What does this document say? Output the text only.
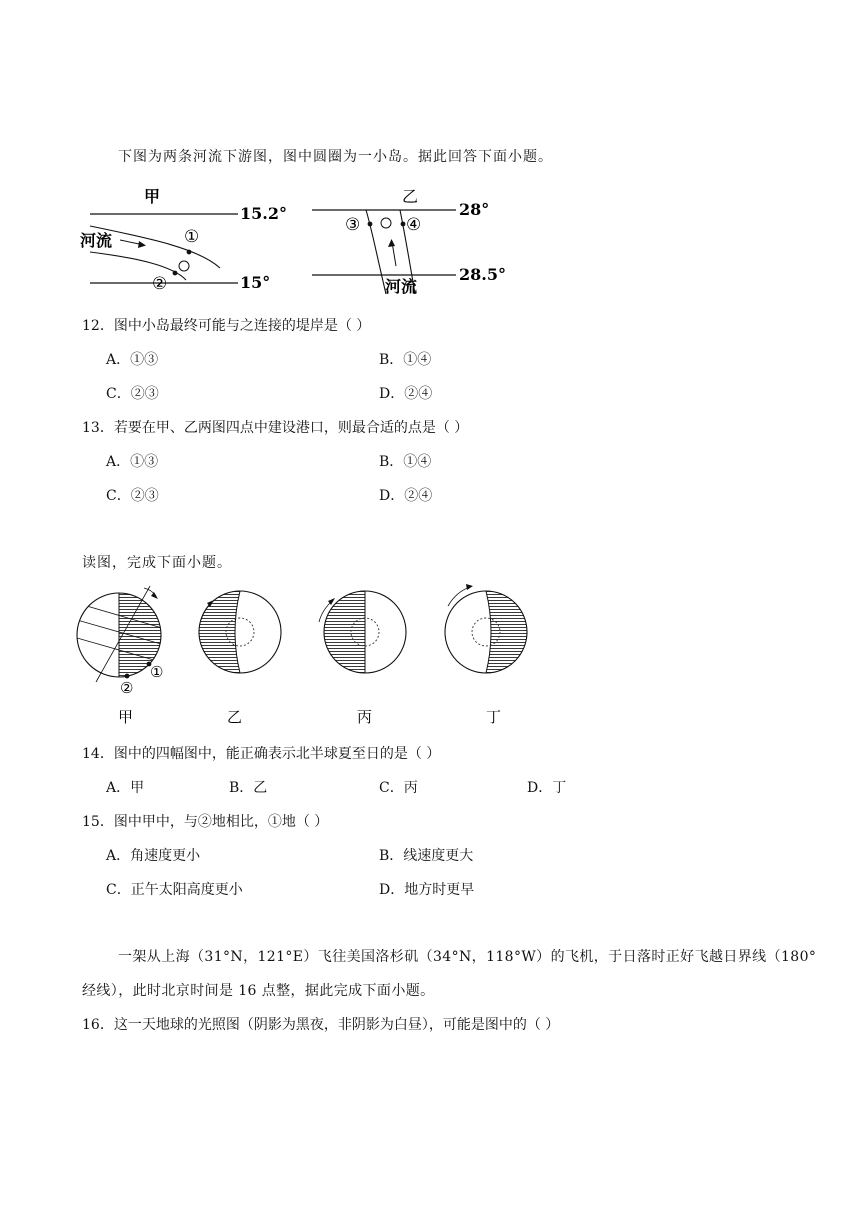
下图为两条河流下游图，图中圆圈为一小岛。据此回答下面小题。
甲
15.2°
15°
河流	①
②
乙
28°
28.5°
③	④
河流
12．图中小岛最终可能与之连接的堤岸是（ ）
A．①③	B．①④
C．②③	D．②④
13．若要在甲、乙两图四点中建设港口，则最合适的点是（ ）
A．①③	B．①④
C．②③	D．②④
读图，完成下面小题。
①
②
甲	乙	丙	丁
14．图中的四幅图中，能正确表示北半球夏至日的是（ ）
A．甲	B．乙	C．丙	D．丁
15．图中甲中，与②地相比，①地（ ）
A．角速度更小	B．线速度更大
C．正午太阳高度更小	D．地方时更早
一架从上海（31°N，121°E）飞往美国洛杉矶（34°N，118°W）的飞机，于日落时正好飞越日界线（180°
经线），此时北京时间是 16 点整，据此完成下面小题。
16．这一天地球的光照图（阴影为黑夜，非阴影为白昼），可能是图中的（ ）
